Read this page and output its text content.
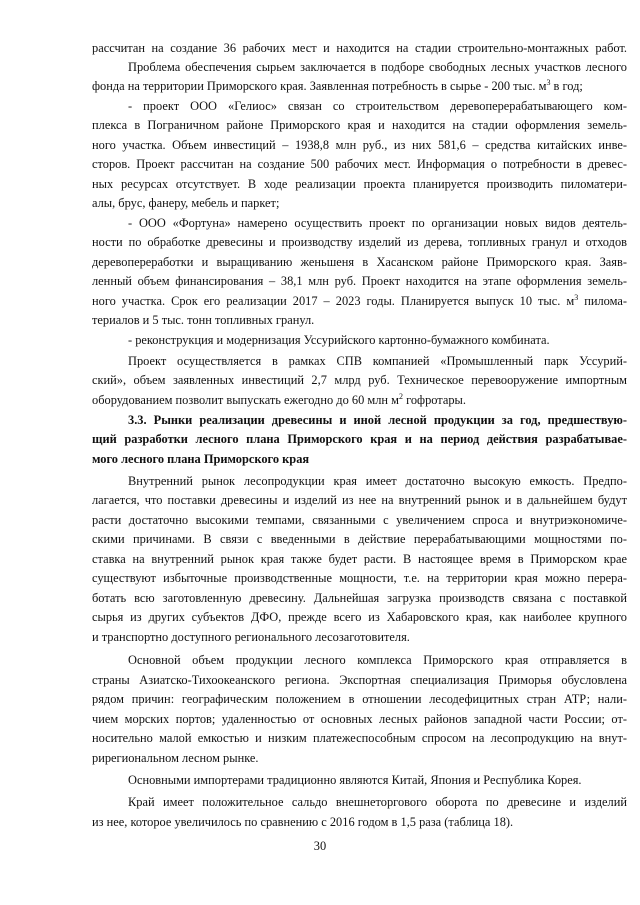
рассчитан на создание 36 рабочих мест и находится на стадии строительно-монтажных работ.
Проблема обеспечения сырьем заключается в подборе свободных лесных участков лесного
фонда на территории Приморского края. Заявленная потребность в сырье - 200 тыс. $м^3$ в год;
- проект ООО «Гелиос» связан со строительством деревоперерабатывающего ком-
плекса в Пограничном районе Приморского края и находится на стадии оформления земель-
ного участка. Объем инвестиций – 1938,8 млн руб., из них 581,6 – средства китайских инве-
сторов. Проект рассчитан на создание 500 рабочих мест. Информация о потребности в древес-
ных ресурсах отсутствует. В ходе реализации проекта планируется производить пиломатери-
алы, брус, фанеру, мебель и паркет;
- ООО «Фортуна» намерено осуществить проект по организации новых видов деятель-
ности по обработке древесины и производству изделий из дерева, топливных гранул и отходов
деревопереработки и выращиванию женьшеня в Хасанском районе Приморского края. Заяв-
ленный объем финансирования – 38,1 млн руб. Проект находится на этапе оформления земель-
ного участка. Срок его реализации 2017 – 2023 годы. Планируется выпуск 10 тыс. $м^3$ пилома-
териалов и 5 тыс. тонн топливных гранул.
- реконструкция и модернизация Уссурийского картонно-бумажного комбината.
Проект осуществляется в рамках СПВ компанией «Промышленный парк Уссурий-
ский», объем заявленных инвестиций 2,7 млрд руб. Техническое перевооружение импортным
оборудованием позволит выпускать ежегодно до 60 млн $м^2$ гофротары.
3.3. Рынки реализации древесины и иной лесной продукции за год, предшествую-
щий разработки лесного плана Приморского края и на период действия разрабатывае-
мого лесного плана Приморского края
Внутренний рынок лесопродукции края имеет достаточно высокую емкость. Предпо-
лагается, что поставки древесины и изделий из нее на внутренний рынок и в дальнейшем будут
расти достаточно высокими темпами, связанными с увеличением спроса и внутриэкономиче-
скими причинами. В связи с введенными в действие перерабатывающими мощностями по-
ставка на внутренний рынок края также будет расти. В настоящее время в Приморском крае
существуют избыточные производственные мощности, т.е. на территории края можно перера-
ботать всю заготовленную древесину. Дальнейшая загрузка производств связана с поставкой
сырья из других субъектов ДФО, прежде всего из Хабаровского края, как наиболее крупного
и транспортно доступного регионального лесозаготовителя.
Основной объем продукции лесного комплекса Приморского края отправляется в
страны Азиатско-Тихоокеанского региона. Экспортная специализация Приморья обусловлена
рядом причин: географическим положением в отношении лесодефицитных стран АТР; нали-
чием морских портов; удаленностью от основных лесных районов западной части России; от-
носительно малой емкостью и низким платежеспособным спросом на лесопродукцию на внут-
рирегиональном лесном рынке.
Основными импортерами традиционно являются Китай, Япония и Республика Корея.
Край имеет положительное сальдо внешнеторгового оборота по древесине и изделий
из нее, которое увеличилось по сравнению с 2016 годом в 1,5 раза (таблица 18).
30
